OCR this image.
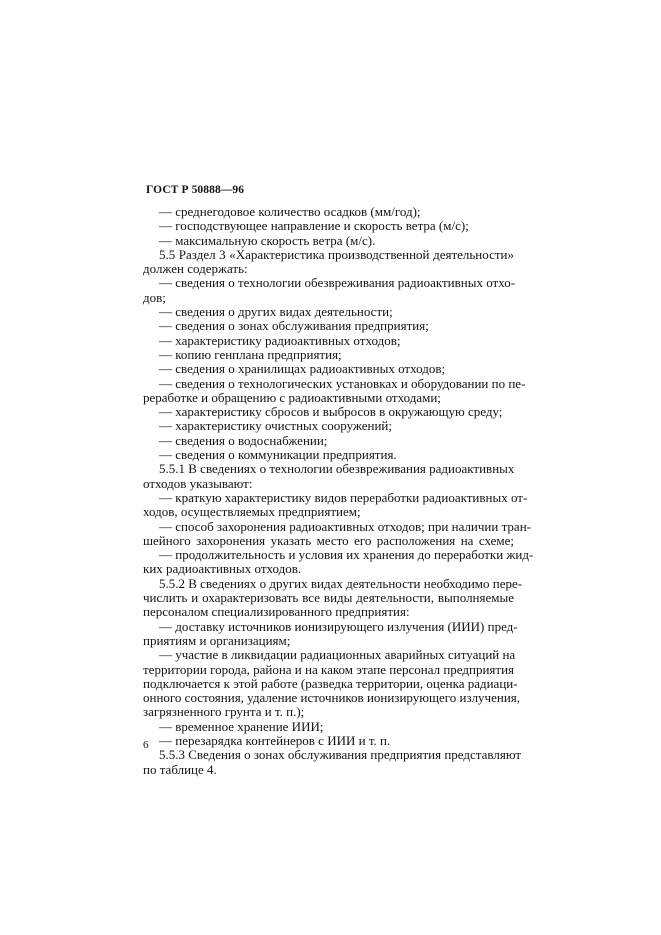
ГОСТ Р 50888—96
— среднегодовое количество осадков (мм/год);
— господствующее направление и скорость ветра (м/с);
— максимальную скорость ветра (м/с).
5.5 Раздел 3 «Характеристика производственной деятельности»
должен содержать:
— сведения о технологии обезвреживания радиоактивных отхо-
дов;
— сведения о других видах деятельности;
— сведения о зонах обслуживания предприятия;
— характеристику радиоактивных отходов;
— копию генплана предприятия;
— сведения о хранилищах радиоактивных отходов;
— сведения о технологических установках и оборудовании по пе-
реработке и обращению с радиоактивными отходами;
— характеристику сбросов и выбросов в окружающую среду;
— характеристику очистных сооружений;
— сведения о водоснабжении;
— сведения о коммуникации предприятия.
5.5.1 В сведениях о технологии обезвреживания радиоактивных
отходов указывают:
— краткую характеристику видов переработки радиоактивных от-
ходов, осуществляемых предприятием;
— способ захоронения радиоактивных отходов; при наличии тран-
шейного захоронения указать место его расположения на схеме;
— продолжительность и условия их хранения до переработки жид-
ких радиоактивных отходов.
5.5.2 В сведениях о других видах деятельности необходимо пере-
числить и охарактеризовать все виды деятельности, выполняемые
персоналом специализированного предприятия:
— доставку источников ионизирующего излучения (ИИИ) пред-
приятиям и организациям;
— участие в ликвидации радиационных аварийных ситуаций на
территории города, района и на каком этапе персонал предприятия
подключается к этой работе (разведка территории, оценка радиаци-
онного состояния, удаление источников ионизирующего излучения,
загрязненного грунта и т. п.);
— временное хранение ИИИ;
— перезарядка контейнеров с ИИИ и т. п.
5.5.3 Сведения о зонах обслуживания предприятия представляют
по таблице 4.
6
